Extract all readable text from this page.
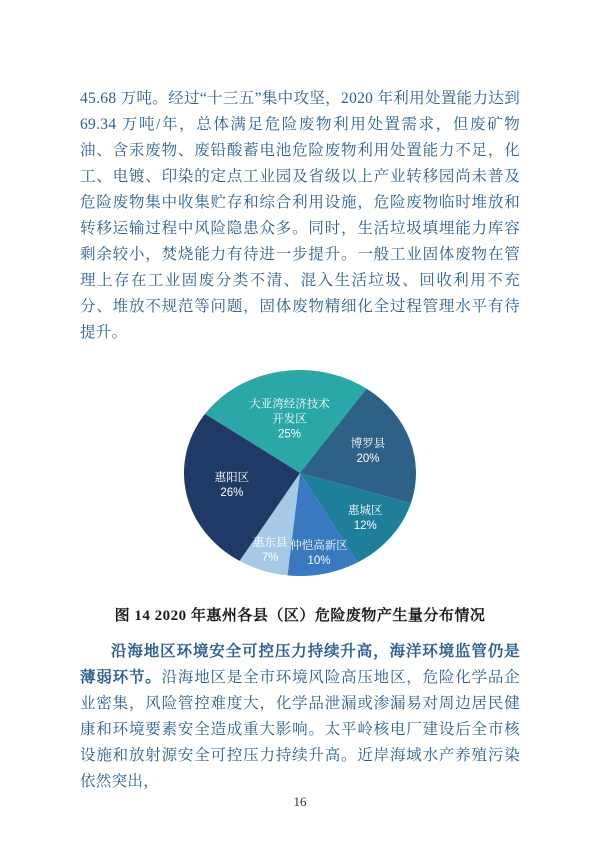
45.68 万吨。经过“十三五”集中攻坚，2020 年利用处置能力达到 69.34 万吨/年，总体满足危险废物利用处置需求，但废矿物油、含汞废物、废铅酸蓄电池危险废物利用处置能力不足，化工、电镀、印染的定点工业园及省级以上产业转移园尚未普及危险废物集中收集贮存和综合利用设施，危险废物临时堆放和转移运输过程中风险隐患众多。同时，生活垃圾填埋能力库容剩余较小，焚烧能力有待进一步提升。一般工业固体废物在管理上存在工业固废分类不清、混入生活垃圾、回收利用不充分、堆放不规范等问题，固体废物精细化全过程管理水平有待提升。

大亚湾经济技术开发区
25%
博罗县
20%
惠城区
12%
仲恺高新区
10%
惠东县
7%
惠阳区
26%
图 14 2020 年惠州各县（区）危险废物产生量分布情况

沿海地区环境安全可控压力持续升高，海洋环境监管仍是薄弱环节。沿海地区是全市环境风险高压地区，危险化学品企业密集，风险管控难度大，化学品泄漏或渗漏易对周边居民健康和环境要素安全造成重大影响。太平岭核电厂建设后全市核设施和放射源安全可控压力持续升高。近岸海域水产养殖污染依然突出，

16
